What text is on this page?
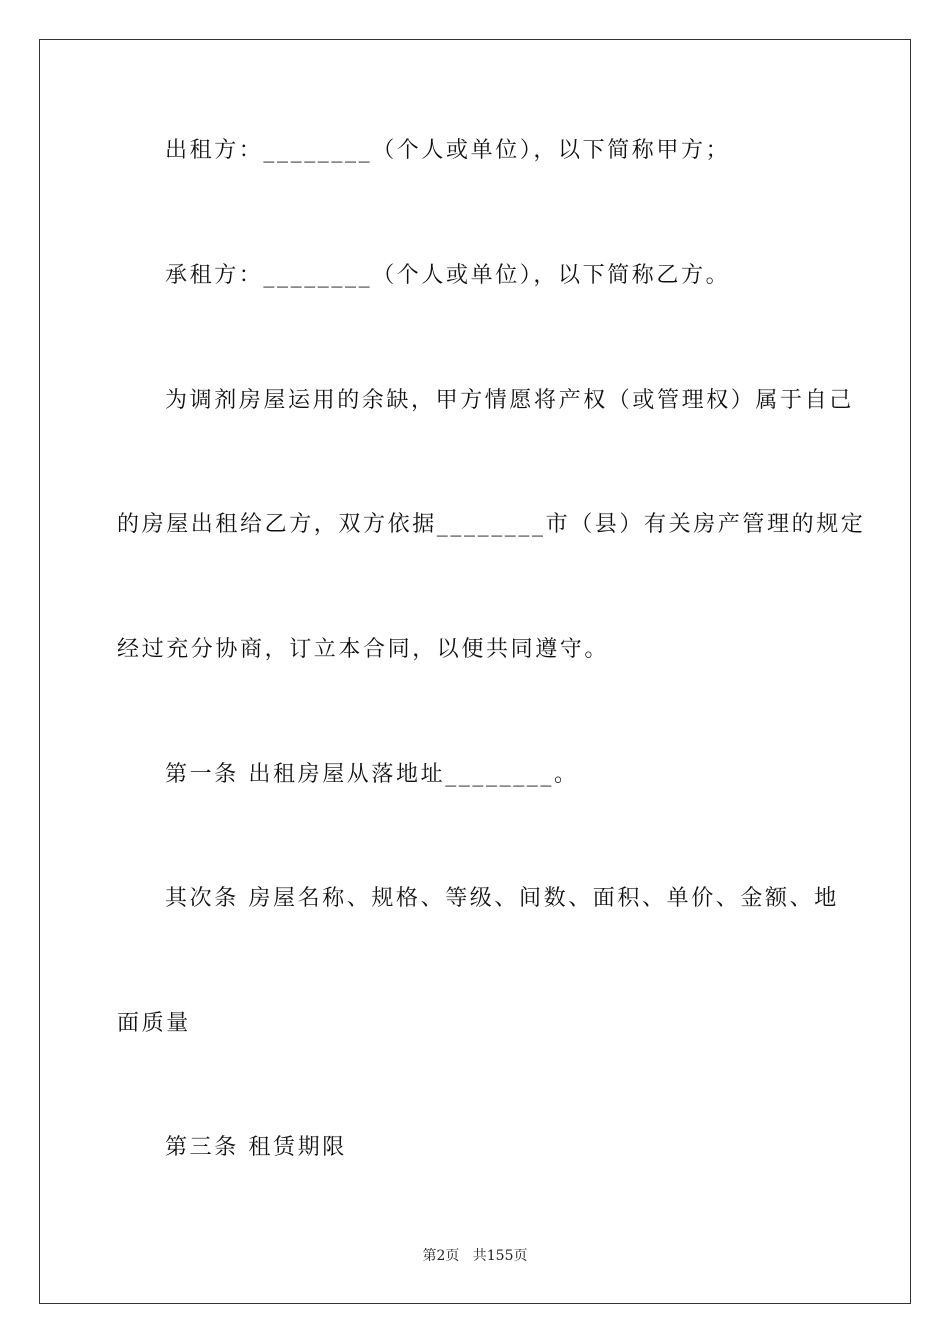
出租方：________（个人或单位），以下简称甲方；
承租方：________（个人或单位），以下简称乙方。
为调剂房屋运用的余缺，甲方情愿将产权（或管理权）属于自己
的房屋出租给乙方，双方依据________市（县）有关房产管理的规定
经过充分协商，订立本合同，以便共同遵守。
第一条 出租房屋从落地址________。
其次条 房屋名称、规格、等级、间数、面积、单价、金额、地
面质量
第三条 租赁期限
第2页 共155页
